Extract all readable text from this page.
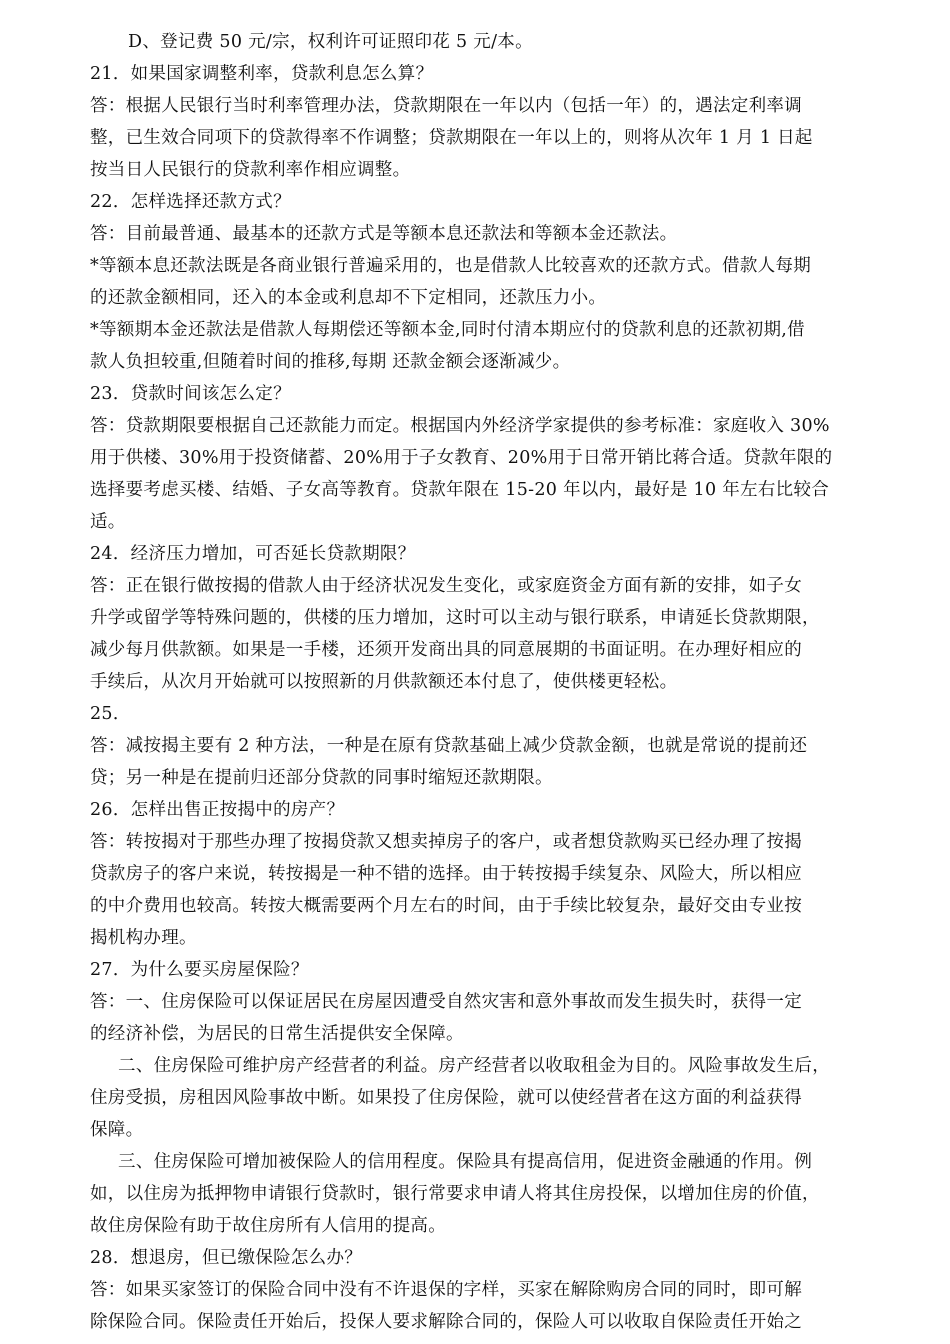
D、登记费 50 元/宗，权利许可证照印花 5 元/本。
21．如果国家调整利率，贷款利息怎么算？
答：根据人民银行当时利率管理办法，贷款期限在一年以内（包括一年）的，遇法定利率调
整，已生效合同项下的贷款得率不作调整；贷款期限在一年以上的，则将从次年 1 月 1 日起
按当日人民银行的贷款利率作相应调整。
22．怎样选择还款方式？
答：目前最普通、最基本的还款方式是等额本息还款法和等额本金还款法。
*等额本息还款法既是各商业银行普遍采用的，也是借款人比较喜欢的还款方式。借款人每期
的还款金额相同，还入的本金或利息却不下定相同，还款压力小。
*等额期本金还款法是借款人每期偿还等额本金,同时付清本期应付的贷款利息的还款初期,借
款人负担较重,但随着时间的推移,每期 还款金额会逐渐减少。
23．贷款时间该怎么定？
答：贷款期限要根据自己还款能力而定。根据国内外经济学家提供的参考标准：家庭收入 30%
用于供楼、30%用于投资储蓄、20%用于子女教育、20%用于日常开销比蒋合适。贷款年限的
选择要考虑买楼、结婚、子女高等教育。贷款年限在 15-20 年以内，最好是 10 年左右比较合
适。
24．经济压力增加，可否延长贷款期限？
答：正在银行做按揭的借款人由于经济状况发生变化，或家庭资金方面有新的安排，如子女
升学或留学等特殊问题的，供楼的压力增加，这时可以主动与银行联系，申请延长贷款期限，
减少每月供款额。如果是一手楼，还须开发商出具的同意展期的书面证明。在办理好相应的
手续后，从次月开始就可以按照新的月供款额还本付息了，使供楼更轻松。
25．
答：减按揭主要有 2 种方法，一种是在原有贷款基础上减少贷款金额，也就是常说的提前还
贷；另一种是在提前归还部分贷款的同事时缩短还款期限。
26．怎样出售正按揭中的房产？
答：转按揭对于那些办理了按揭贷款又想卖掉房子的客户，或者想贷款购买已经办理了按揭
贷款房子的客户来说，转按揭是一种不错的选择。由于转按揭手续复杂、风险大，所以相应
的中介费用也较高。转按大概需要两个月左右的时间，由于手续比较复杂，最好交由专业按
揭机构办理。
27．为什么要买房屋保险？
答：一、住房保险可以保证居民在房屋因遭受自然灾害和意外事故而发生损失时，获得一定
的经济补偿，为居民的日常生活提供安全保障。
二、住房保险可维护房产经营者的利益。房产经营者以收取租金为目的。风险事故发生后，
住房受损，房租因风险事故中断。如果投了住房保险，就可以使经营者在这方面的利益获得
保障。
三、住房保险可增加被保险人的信用程度。保险具有提高信用，促进资金融通的作用。例
如，以住房为抵押物申请银行贷款时，银行常要求申请人将其住房投保，以增加住房的价值，
故住房保险有助于故住房所有人信用的提高。
28．想退房，但已缴保险怎么办？
答：如果买家签订的保险合同中没有不许退保的字样，买家在解除购房合同的同时，即可解
除保险合同。保险责任开始后，投保人要求解除合同的，保险人可以收取自保险责任开始之
